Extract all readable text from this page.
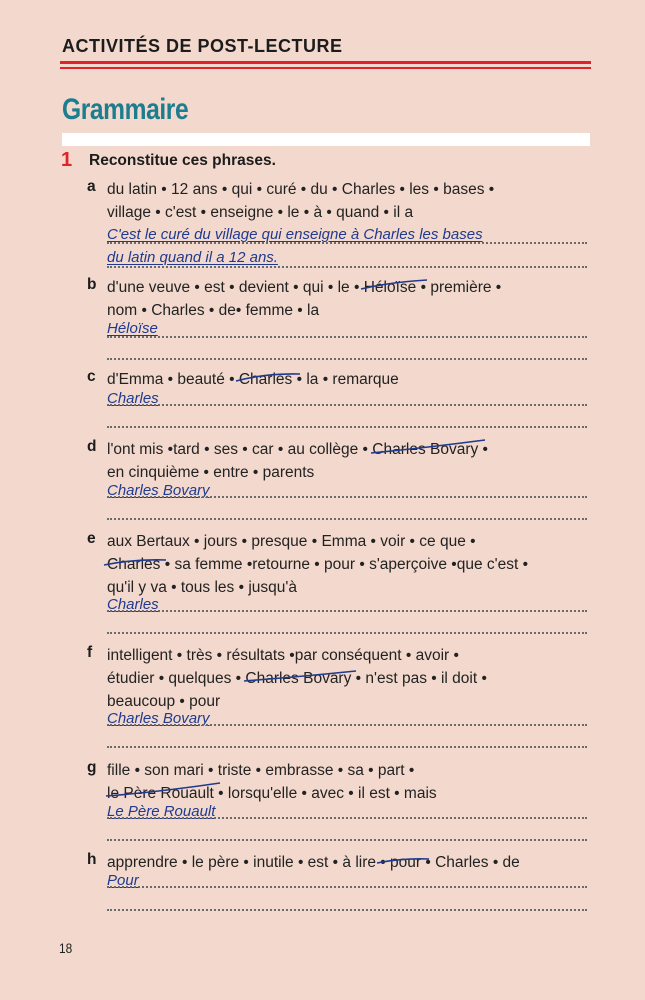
ACTIVITÉS DE POST-LECTURE
Grammaire
1 Reconstitue ces phrases.
a du latin • 12 ans • qui • curé • du • Charles • les • bases •
village • c'est • enseigne • le • à • quand • il a
C'est le curé du village qui enseigne à Charles les bases
du latin quand il a 12 ans.
b d'une veuve • est • devient • qui • le • Héloïse
• première •
nom • Charles • de• femme • la
Héloïse
c d'Emma • beauté • Charles
• la • remarque
Charles
d l'ont mis •tard • ses • car • au collège • Charles Bovary
•
en cinquième • entre • parents
Charles Bovary
e aux Bertaux • jours • presque • Emma • voir • ce que •
Charles
• sa femme •retourne • pour • s'aperçoive •que c'est •
qu'il y va • tous les • jusqu'à
Charles
f intelligent • très • résultats •par conséquent • avoir •
étudier • quelques • Charles Bovary
• n'est pas • il doit •
beaucoup • pour
Charles Bovary
g fille • son mari • triste • embrasse • sa • part •
le Père Rouault
• lorsqu'elle • avec • il est • mais
Le Père Rouault
h apprendre • le père • inutile • est • à lire • pour
• Charles • de
Pour
18
